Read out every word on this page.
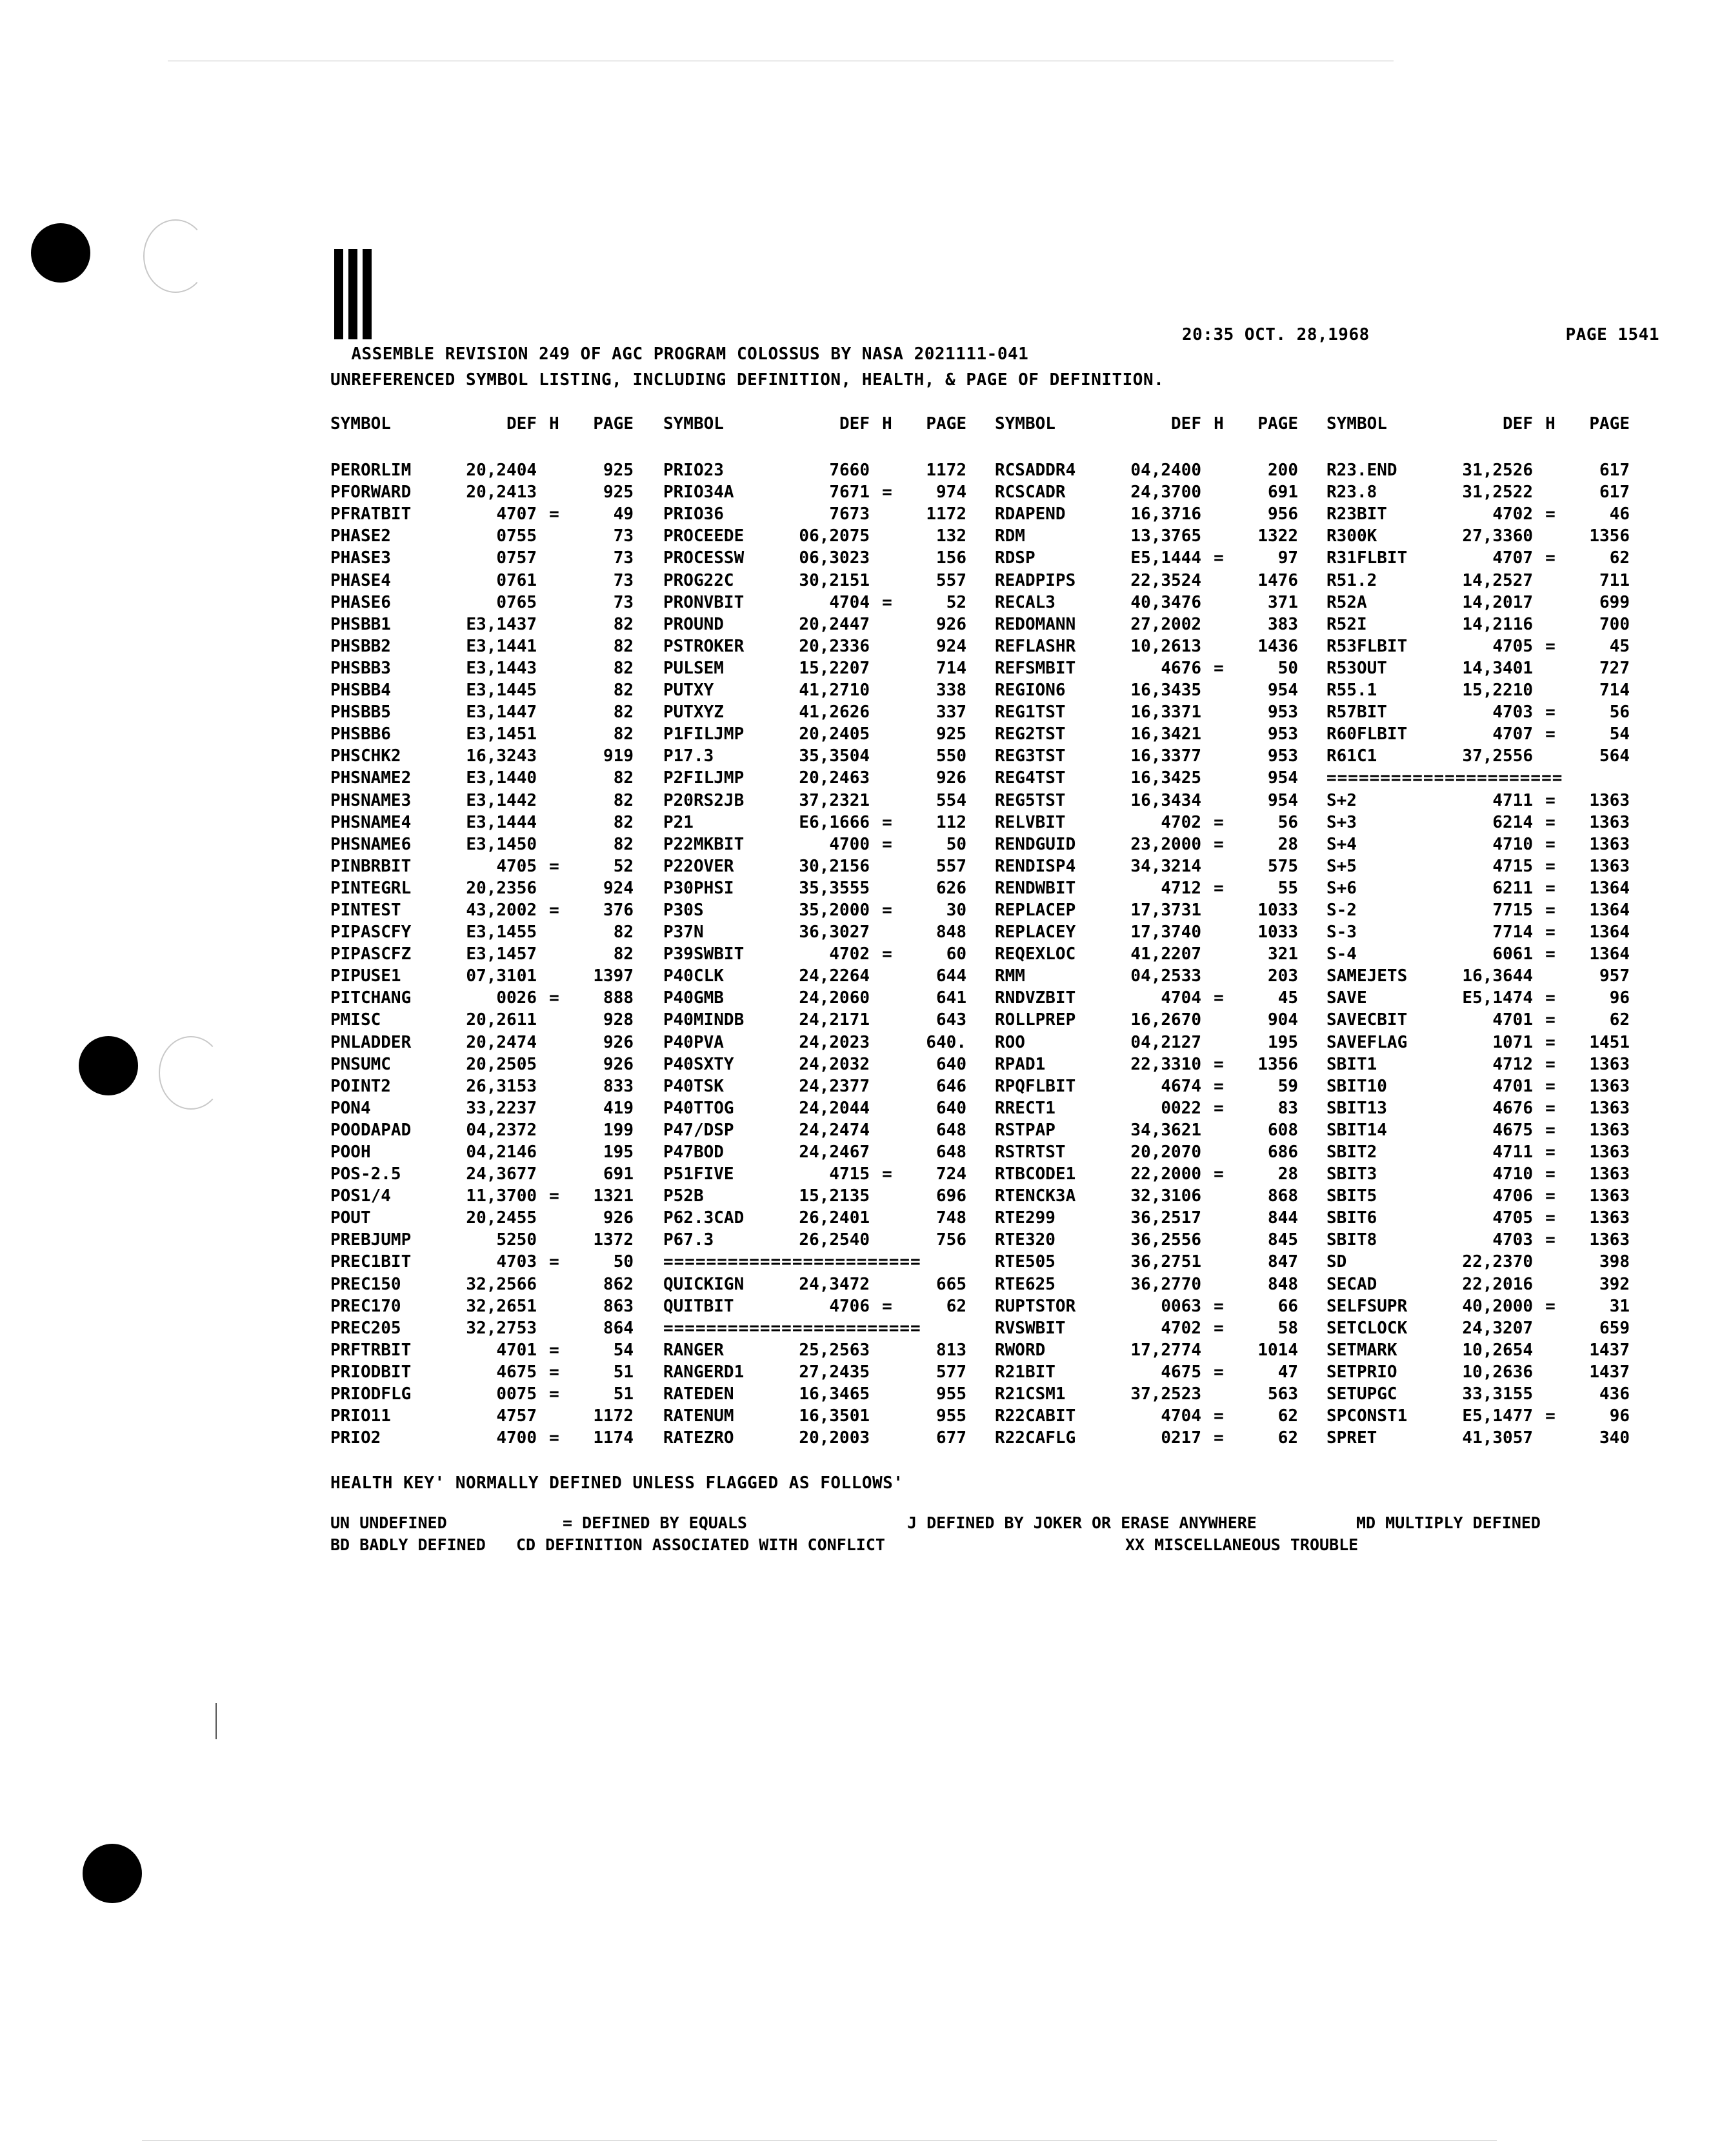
ASSEMBLE REVISION 249 OF AGC PROGRAM COLOSSUS BY NASA 2021111-041

20:35 OCT. 28,1968

	PAGE 1541

UNREFERENCED SYMBOL LISTING, INCLUDING DEFINITION, HEALTH, & PAGE OF DEFINITION.
SYMBOL	DEF H	PAGE
PERORLIM	20,2404	925
PFORWARD	20,2413	925
PFRATBIT	4707 =	49
PHASE2	0755	73
PHASE3	0757	73
PHASE4	0761	73
PHASE6	0765	73
PHSBB1	E3,1437	82
PHSBB2	E3,1441	82
PHSBB3	E3,1443	82
PHSBB4	E3,1445	82
PHSBB5	E3,1447	82
PHSBB6	E3,1451	82
PHSCHK2	16,3243	919
PHSNAME2	E3,1440	82
PHSNAME3	E3,1442	82
PHSNAME4	E3,1444	82
PHSNAME6	E3,1450	82
PINBRBIT	4705 =	52
PINTEGRL	20,2356	924
PINTEST	43,2002 =	376
PIPASCFY	E3,1455	82
PIPASCFZ	E3,1457	82
PIPUSE1	07,3101	1397
PITCHANG	0026 =	888
PMISC	20,2611	928
PNLADDER	20,2474	926
PNSUMC	20,2505	926
POINT2	26,3153	833
PON4	33,2237	419
POODAPAD	04,2372	199
POOH	04,2146	195
POS-2.5	24,3677	691
POS1/4	11,3700 =	1321
POUT	20,2455	926
PREBJUMP	5250	1372
PREC1BIT	4703 =	50
PREC150	32,2566	862
PREC170	32,2651	863
PREC205	32,2753	864
PRFTRBIT	4701 =	54
PRIODBIT	4675 =	51
PRIODFLG	0075 =	51
PRIO11	4757	1172
PRIO2	4700 =	1174
SYMBOL	DEF H	PAGE
PRIO23	7660	1172
PRIO34A	7671 =	974
PRIO36	7673	1172
PROCEEDE	06,2075	132
PROCESSW	06,3023	156
PROG22C	30,2151	557
PRONVBIT	4704 =	52
PROUND	20,2447	926
PSTROKER	20,2336	924
PULSEM	15,2207	714
PUTXY	41,2710	338
PUTXYZ	41,2626	337
P1FILJMP	20,2405	925
P17.3	35,3504	550
P2FILJMP	20,2463	926
P20RS2JB	37,2321	554
P21	E6,1666 =	112
P22MKBIT	4700 =	50
P22OVER	30,2156	557
P30PHSI	35,3555	626
P30S	35,2000 =	30
P37N	36,3027	848
P39SWBIT	4702 =	60
P40CLK	24,2264	644
P40GMB	24,2060	641
P40MINDB	24,2171	643
P40PVA	24,2023	640.
P40SXTY	24,2032	640
P40TSK	24,2377	646
P40TTOG	24,2044	640
P47/DSP	24,2474	648
P47BOD	24,2467	648
P51FIVE	4715 =	724
P52B	15,2135	696
P62.3CAD	26,2401	748
P67.3	26,2540	756
========================
QUICKIGN	24,3472	665
QUITBIT	4706 =	62
========================
RANGER	25,2563	813
RANGERD1	27,2435	577
RATEDEN	16,3465	955
RATENUM	16,3501	955
RATEZRO	20,2003	677
SYMBOL	DEF H	PAGE
RCSADDR4	04,2400	200
RCSCADR	24,3700	691
RDAPEND	16,3716	956
RDM	13,3765	1322
RDSP	E5,1444 =	97
READPIPS	22,3524	1476
RECAL3	40,3476	371
REDOMANN	27,2002	383
REFLASHR	10,2613	1436
REFSMBIT	4676 =	50
REGION6	16,3435	954
REG1TST	16,3371	953
REG2TST	16,3421	953
REG3TST	16,3377	953
REG4TST	16,3425	954
REG5TST	16,3434	954
RELVBIT	4702 =	56
RENDGUID	23,2000 =	28
RENDISP4	34,3214	575
RENDWBIT	4712 =	55
REPLACEP	17,3731	1033
REPLACEY	17,3740	1033
REQEXLOC	41,2207	321
RMM	04,2533	203
RNDVZBIT	4704 =	45
ROLLPREP	16,2670	904
ROO	04,2127	195
RPAD1	22,3310 =	1356
RPQFLBIT	4674 =	59
RRECT1	0022 =	83
RSTPAP	34,3621	608
RSTRTST	20,2070	686
RTBCODE1	22,2000 =	28
RTENCK3A	32,3106	868
RTE299	36,2517	844
RTE320	36,2556	845
RTE505	36,2751	847
RTE625	36,2770	848
RUPTSTOR	0063 =	66
RVSWBIT	4702 =	58
RWORD	17,2774	1014
R21BIT	4675 =	47
R21CSM1	37,2523	563
R22CABIT	4704 =	62
R22CAFLG	0217 =	62
SYMBOL	DEF H	PAGE
R23.END	31,2526	617
R23.8	31,2522	617
R23BIT	4702 =	46
R300K	27,3360	1356
R31FLBIT	4707 =	62
R51.2	14,2527	711
R52A	14,2017	699
R52I	14,2116	700
R53FLBIT	4705 =	45
R53OUT	14,3401	727
R55.1	15,2210	714
R57BIT	4703 =	56
R60FLBIT	4707 =	54
R61C1	37,2556	564
======================
S+2	4711 =	1363
S+3	6214 =	1363
S+4	4710 =	1363
S+5	4715 =	1363
S+6	6211 =	1364
S-2	7715 =	1364
S-3	7714 =	1364
S-4	6061 =	1364
SAMEJETS	16,3644	957
SAVE	E5,1474 =	96
SAVECBIT	4701 =	62
SAVEFLAG	1071 =	1451
SBIT1	4712 =	1363
SBIT10	4701 =	1363
SBIT13	4676 =	1363
SBIT14	4675 =	1363
SBIT2	4711 =	1363
SBIT3	4710 =	1363
SBIT5	4706 =	1363
SBIT6	4705 =	1363
SBIT8	4703 =	1363
SD	22,2370	398
SECAD	22,2016	392
SELFSUPR	40,2000 =	31
SETCLOCK	24,3207	659
SETMARK	10,2654	1437
SETPRIO	10,2636	1437
SETUPGC	33,3155	436
SPCONST1	E5,1477 =	96
SPRET	41,3057	340
HEALTH KEY' NORMALLY DEFINED UNLESS FLAGGED AS FOLLOWS'
UN UNDEFINED	= DEFINED BY EQUALS	J DEFINED BY JOKER OR ERASE ANYWHERE	MD MULTIPLY DEFINED
BD BADLY DEFINED CD DEFINITION ASSOCIATED WITH CONFLICT	XX MISCELLANEOUS TROUBLE
